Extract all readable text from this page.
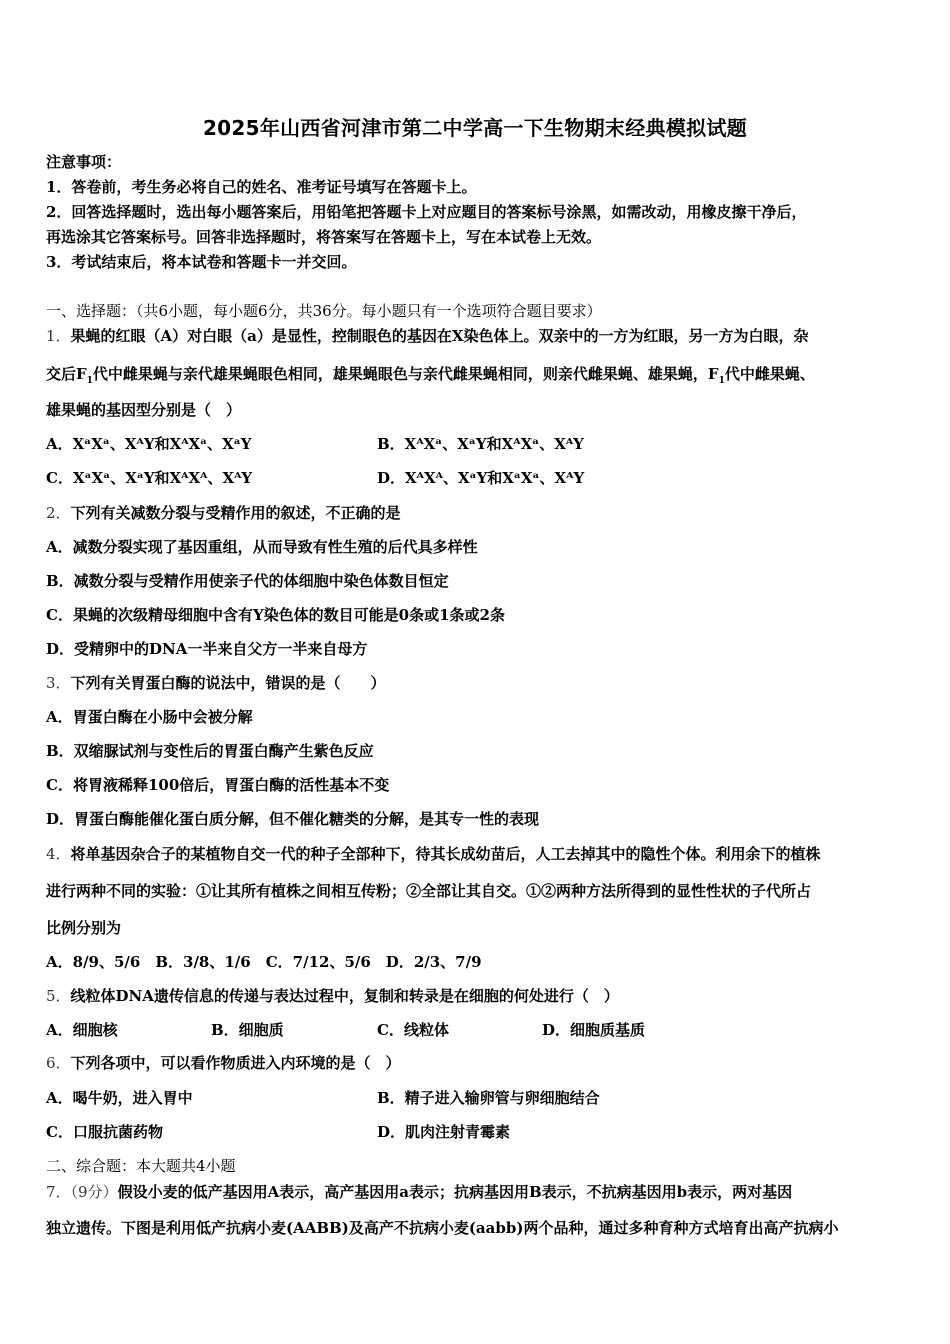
2025年山西省河津市第二中学高一下生物期末经典模拟试题
注意事项：
1．答卷前，考生务必将自己的姓名、准考证号填写在答题卡上。
2．回答选择题时，选出每小题答案后，用铅笔把答题卡上对应题目的答案标号涂黑，如需改动，用橡皮擦干净后，
再选涂其它答案标号。回答非选择题时，将答案写在答题卡上，写在本试卷上无效。
3．考试结束后，将本试卷和答题卡一并交回。
一、选择题：（共6小题，每小题6分，共36分。每小题只有一个选项符合题目要求）
1．果蝇的红眼（A）对白眼（a）是显性，控制眼色的基因在X染色体上。双亲中的一方为红眼，另一方为白眼，杂
交后$F_1$代中雌果蝇与亲代雄果蝇眼色相同，雄果蝇眼色与亲代雌果蝇相同，则亲代雌果蝇、雄果蝇，$F_1$代中雌果蝇、
雄果蝇的基因型分别是（　）
A．XᵃXᵃ、XᴬY和XᴬXᵃ、XᵃY	B．XᴬXᵃ、XᵃY和XᴬXᵃ、XᴬY
C．XᵃXᵃ、XᵃY和XᴬXᴬ、XᴬY	D．XᴬXᴬ、XᵃY和XᵃXᵃ、XᴬY
2．下列有关减数分裂与受精作用的叙述，不正确的是
A．减数分裂实现了基因重组，从而导致有性生殖的后代具多样性
B．减数分裂与受精作用使亲子代的体细胞中染色体数目恒定
C．果蝇的次级精母细胞中含有Y染色体的数目可能是0条或1条或2条
D．受精卵中的DNA一半来自父方一半来自母方
3．下列有关胃蛋白酶的说法中，错误的是（　　）
A．胃蛋白酶在小肠中会被分解
B．双缩脲试剂与变性后的胃蛋白酶产生紫色反应
C．将胃液稀释100倍后，胃蛋白酶的活性基本不变
D．胃蛋白酶能催化蛋白质分解，但不催化糖类的分解，是其专一性的表现
4．将单基因杂合子的某植物自交一代的种子全部种下，待其长成幼苗后，人工去掉其中的隐性个体。利用余下的植株
进行两种不同的实验：①让其所有植株之间相互传粉；②全部让其自交。①②两种方法所得到的显性性状的子代所占
比例分别为
A．8/9、5/6　B．3/8、1/6　C．7/12、5/6　D．2/3、7/9
5．线粒体DNA遗传信息的传递与表达过程中，复制和转录是在细胞的何处进行（　）
A．细胞核	B．细胞质	C．线粒体	D．细胞质基质
6．下列各项中，可以看作物质进入内环境的是（　）
A．喝牛奶，进入胃中	B．精子进入输卵管与卵细胞结合
C．口服抗菌药物	D．肌肉注射青霉素
二、综合题：本大题共4小题
7．（9分）假设小麦的低产基因用A表示，高产基因用a表示；抗病基因用B表示，不抗病基因用b表示，两对基因
独立遗传。下图是利用低产抗病小麦(AABB)及高产不抗病小麦(aabb)两个品种，通过多种育种方式培育出高产抗病小
